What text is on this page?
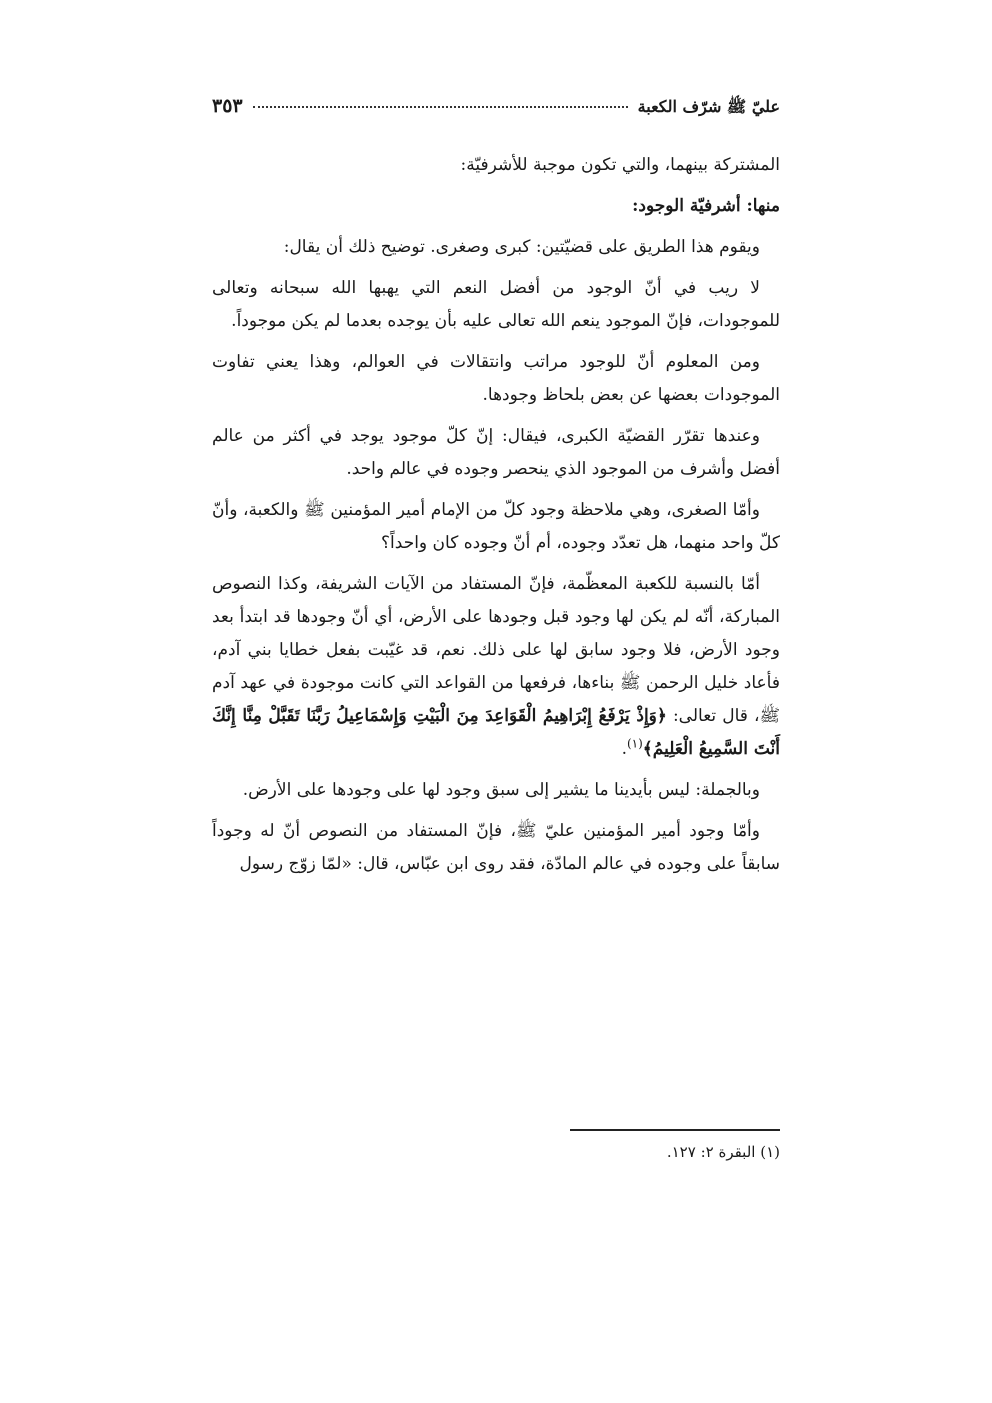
عليّ ﷺ شرّف الكعبة
٣٥٣

المشتركة بينهما، والتي تكون موجبة للأشرفيّة:

منها: أشرفيّة الوجود:

ويقوم هذا الطريق على قضيّتين: كبرى وصغرى. توضيح ذلك أن يقال:

لا ريب في أنّ الوجود من أفضل النعم التي يهبها الله سبحانه وتعالى للموجودات، فإنّ الموجود ينعم الله تعالى عليه بأن يوجده بعدما لم يكن موجوداً.

ومن المعلوم أنّ للوجود مراتب وانتقالات في العوالم، وهذا يعني تفاوت الموجودات بعضها عن بعض بلحاظ وجودها.

وعندها تقرّر القضيّة الكبرى، فيقال: إنّ كلّ موجود يوجد في أكثر من عالم أفضل وأشرف من الموجود الذي ينحصر وجوده في عالم واحد.

وأمّا الصغرى، وهي ملاحظة وجود كلّ من الإمام أمير المؤمنين ﷺ والكعبة، وأنّ كلّ واحد منهما، هل تعدّد وجوده، أم أنّ وجوده كان واحداً؟

أمّا بالنسبة للكعبة المعظّمة، فإنّ المستفاد من الآيات الشريفة، وكذا النصوص المباركة، أنّه لم يكن لها وجود قبل وجودها على الأرض، أي أنّ وجودها قد ابتدأ بعد وجود الأرض، فلا وجود سابق لها على ذلك. نعم، قد غيّبت بفعل خطايا بني آدم، فأعاد خليل الرحمن ﷺ بناءها، فرفعها من القواعد التي كانت موجودة في عهد آدم ﷺ، قال تعالى: ﴿وَإِذْ يَرْفَعُ إِبْرَاهِيمُ الْقَوَاعِدَ مِنَ الْبَيْتِ وَإِسْمَاعِيلُ رَبَّنَا تَقَبَّلْ مِنَّا إِنَّكَ أَنْتَ السَّمِيعُ الْعَلِيمُ﴾$^{(١)}$.

وبالجملة: ليس بأيدينا ما يشير إلى سبق وجود لها على وجودها على الأرض.

وأمّا وجود أمير المؤمنين عليّ ﷺ، فإنّ المستفاد من النصوص أنّ له وجوداً سابقاً على وجوده في عالم المادّة، فقد روى ابن عبّاس، قال: «لمّا زوّج رسول

(١) البقرة ٢: ١٢٧.
